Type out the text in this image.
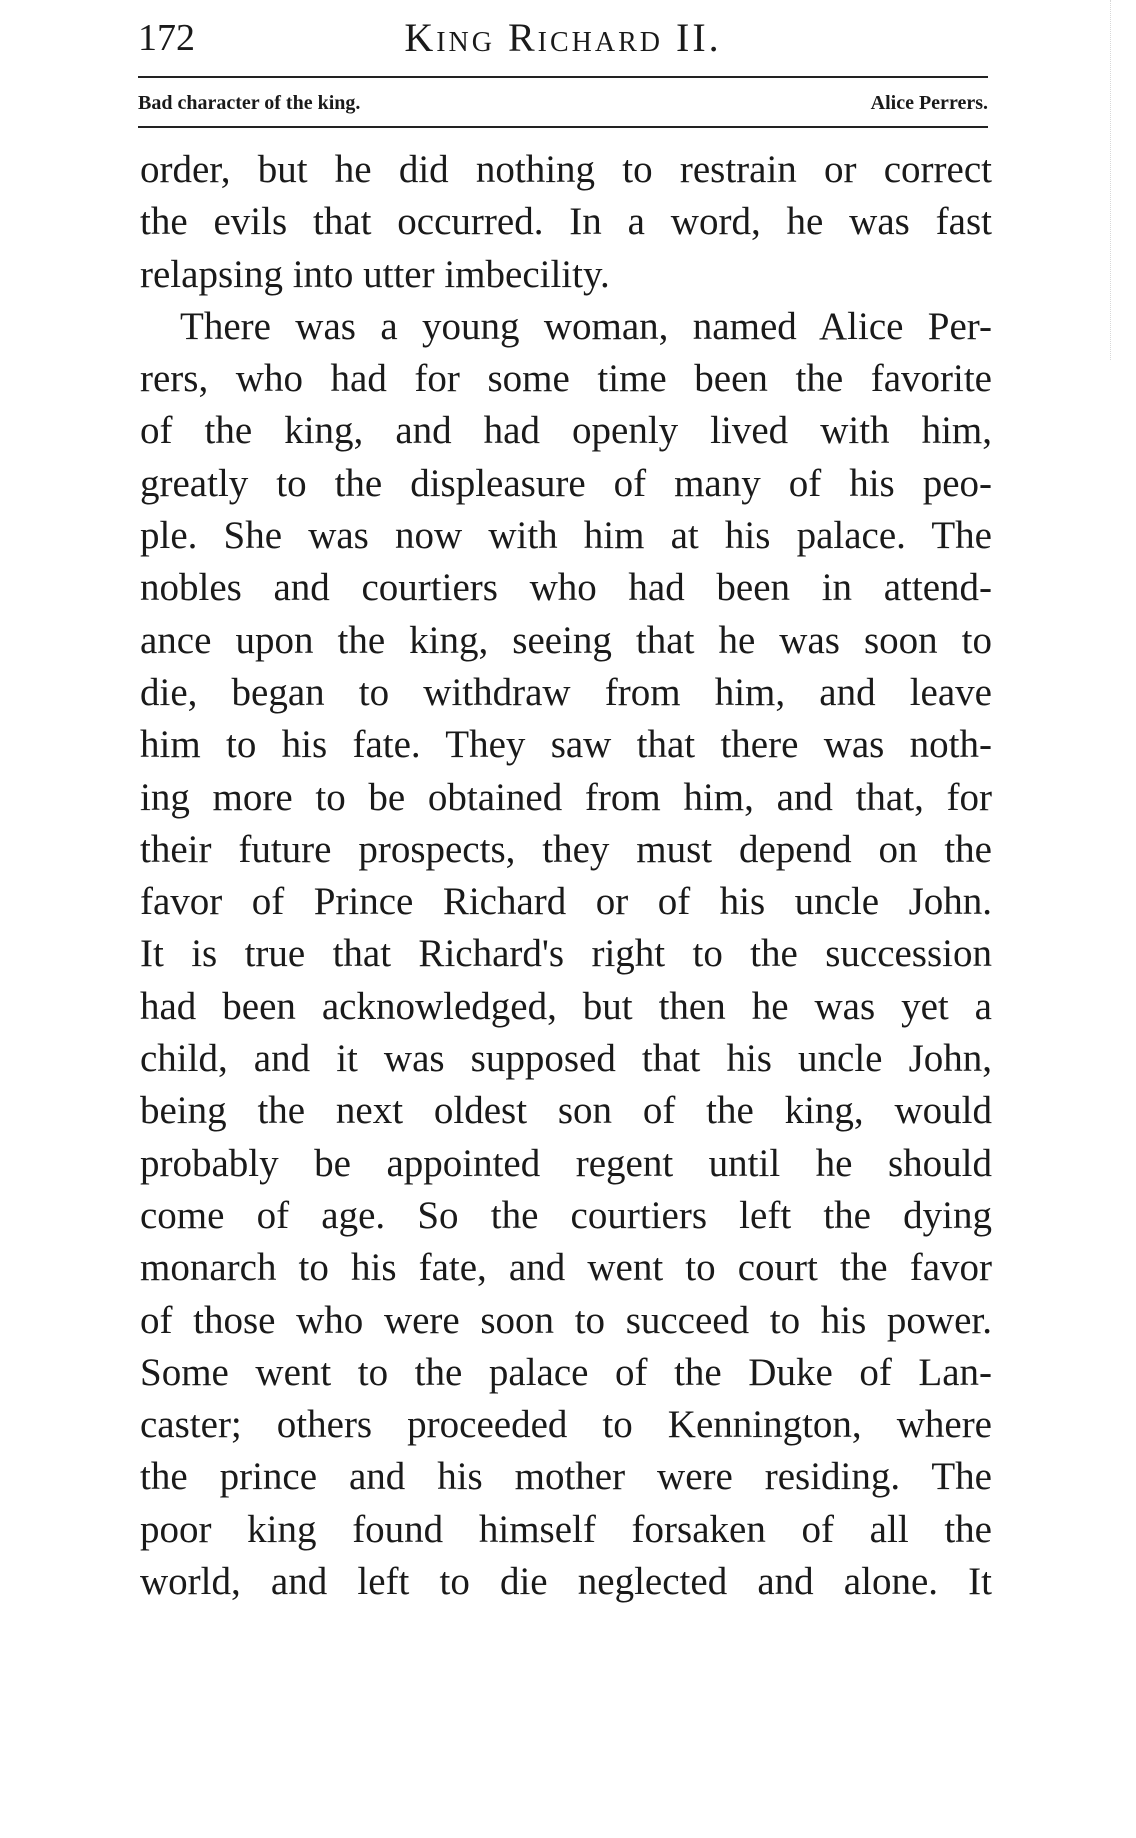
172	King Richard II.
Bad character of the king.	Alice Perrers.
order, but he did nothing to restrain or correct
the evils that occurred. In a word, he was fast
relapsing into utter imbecility.
There was a young woman, named Alice Per-
rers, who had for some time been the favorite
of the king, and had openly lived with him,
greatly to the displeasure of many of his peo-
ple. She was now with him at his palace. The
nobles and courtiers who had been in attend-
ance upon the king, seeing that he was soon to
die, began to withdraw from him, and leave
him to his fate. They saw that there was noth-
ing more to be obtained from him, and that, for
their future prospects, they must depend on the
favor of Prince Richard or of his uncle John.
It is true that Richard's right to the succession
had been acknowledged, but then he was yet a
child, and it was supposed that his uncle John,
being the next oldest son of the king, would
probably be appointed regent until he should
come of age. So the courtiers left the dying
monarch to his fate, and went to court the favor
of those who were soon to succeed to his power.
Some went to the palace of the Duke of Lan-
caster; others proceeded to Kennington, where
the prince and his mother were residing. The
poor king found himself forsaken of all the
world, and left to die neglected and alone. It
